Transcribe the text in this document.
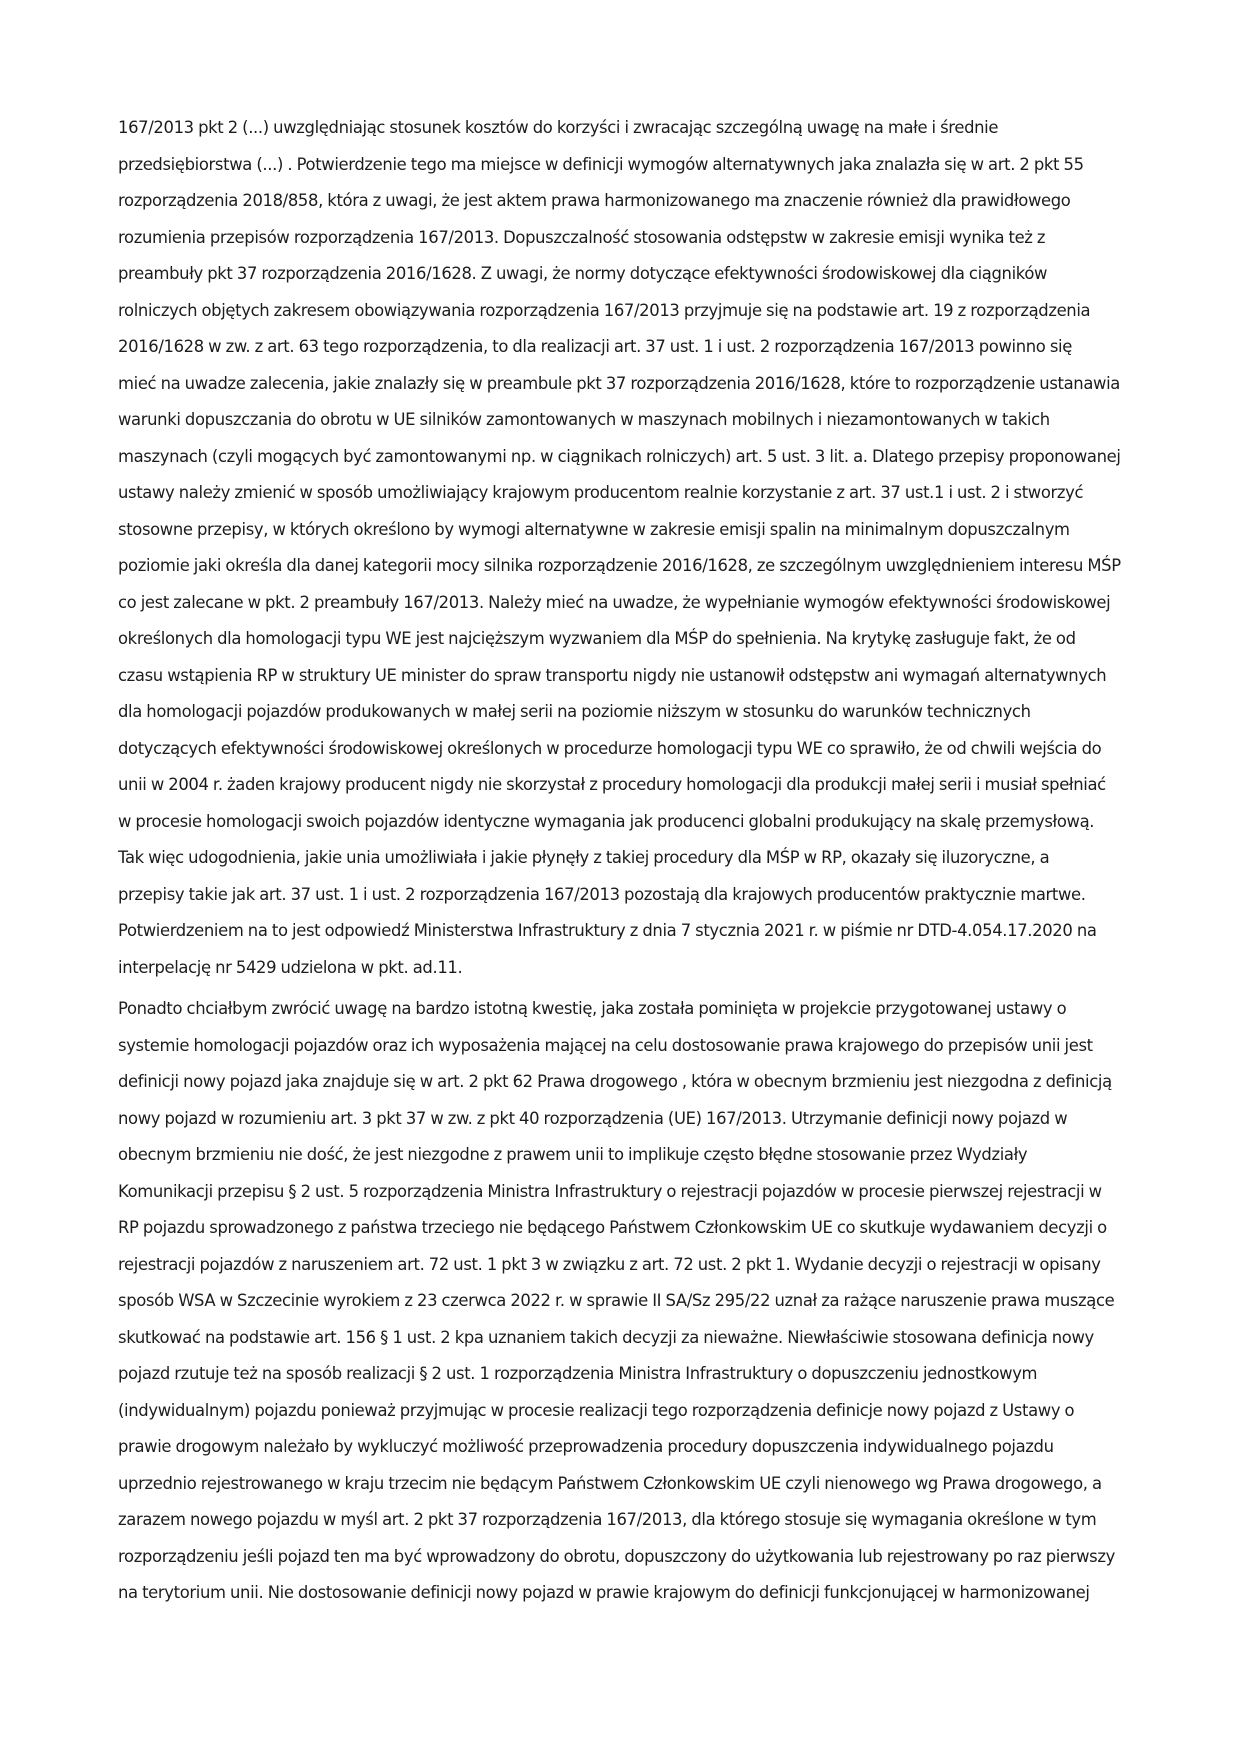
167/2013 pkt 2 (...) uwzględniając stosunek kosztów do korzyści i zwracając szczególną uwagę na małe i średnie
przedsiębiorstwa (...) . Potwierdzenie tego ma miejsce w definicji wymogów alternatywnych jaka znalazła się w art. 2 pkt 55
rozporządzenia 2018/858, która z uwagi, że jest aktem prawa harmonizowanego ma znaczenie również dla prawidłowego
rozumienia przepisów rozporządzenia 167/2013. Dopuszczalność stosowania odstępstw w zakresie emisji wynika też z
preambuły pkt 37 rozporządzenia 2016/1628. Z uwagi, że normy dotyczące efektywności środowiskowej dla ciągników
rolniczych objętych zakresem obowiązywania rozporządzenia 167/2013 przyjmuje się na podstawie art. 19 z rozporządzenia
2016/1628 w zw. z art. 63 tego rozporządzenia, to dla realizacji art. 37 ust. 1 i ust. 2 rozporządzenia 167/2013 powinno się
mieć na uwadze zalecenia, jakie znalazły się w preambule pkt 37 rozporządzenia 2016/1628, które to rozporządzenie ustanawia
warunki dopuszczania do obrotu w UE silników zamontowanych w maszynach mobilnych i niezamontowanych w takich
maszynach (czyli mogących być zamontowanymi np. w ciągnikach rolniczych) art. 5 ust. 3 lit. a. Dlatego przepisy proponowanej
ustawy należy zmienić w sposób umożliwiający krajowym producentom realnie korzystanie z art. 37 ust.1 i ust. 2 i stworzyć
stosowne przepisy, w których określono by wymogi alternatywne w zakresie emisji spalin na minimalnym dopuszczalnym
poziomie jaki określa dla danej kategorii mocy silnika rozporządzenie 2016/1628, ze szczególnym uwzględnieniem interesu MŚP
co jest zalecane w pkt. 2 preambuły 167/2013. Należy mieć na uwadze, że wypełnianie wymogów efektywności środowiskowej
określonych dla homologacji typu WE jest najcięższym wyzwaniem dla MŚP do spełnienia. Na krytykę zasługuje fakt, że od
czasu wstąpienia RP w struktury UE minister do spraw transportu nigdy nie ustanowił odstępstw ani wymagań alternatywnych
dla homologacji pojazdów produkowanych w małej serii na poziomie niższym w stosunku do warunków technicznych
dotyczących efektywności środowiskowej określonych w procedurze homologacji typu WE co sprawiło, że od chwili wejścia do
unii w 2004 r. żaden krajowy producent nigdy nie skorzystał z procedury homologacji dla produkcji małej serii i musiał spełniać
w procesie homologacji swoich pojazdów identyczne wymagania jak producenci globalni produkujący na skalę przemysłową.
Tak więc udogodnienia, jakie unia umożliwiała i jakie płynęły z takiej procedury dla MŚP w RP, okazały się iluzoryczne, a
przepisy takie jak art. 37 ust. 1 i ust. 2 rozporządzenia 167/2013 pozostają dla krajowych producentów praktycznie martwe.
Potwierdzeniem na to jest odpowiedź Ministerstwa Infrastruktury z dnia 7 stycznia 2021 r. w piśmie nr DTD-4.054.17.2020 na
interpelację nr 5429 udzielona w pkt. ad.11.
Ponadto chciałbym zwrócić uwagę na bardzo istotną kwestię, jaka została pominięta w projekcie przygotowanej ustawy o
systemie homologacji pojazdów oraz ich wyposażenia mającej na celu dostosowanie prawa krajowego do przepisów unii jest
definicji nowy pojazd jaka znajduje się w art. 2 pkt 62 Prawa drogowego , która w obecnym brzmieniu jest niezgodna z definicją
nowy pojazd w rozumieniu art. 3 pkt 37 w zw. z pkt 40 rozporządzenia (UE) 167/2013. Utrzymanie definicji nowy pojazd w
obecnym brzmieniu nie dość, że jest niezgodne z prawem unii to implikuje często błędne stosowanie przez Wydziały
Komunikacji przepisu § 2 ust. 5 rozporządzenia Ministra Infrastruktury o rejestracji pojazdów w procesie pierwszej rejestracji w
RP pojazdu sprowadzonego z państwa trzeciego nie będącego Państwem Członkowskim UE co skutkuje wydawaniem decyzji o
rejestracji pojazdów z naruszeniem art. 72 ust. 1 pkt 3 w związku z art. 72 ust. 2 pkt 1. Wydanie decyzji o rejestracji w opisany
sposób WSA w Szczecinie wyrokiem z 23 czerwca 2022 r. w sprawie II SA/Sz 295/22 uznał za rażące naruszenie prawa muszące
skutkować na podstawie art. 156 § 1 ust. 2 kpa uznaniem takich decyzji za nieważne. Niewłaściwie stosowana definicja nowy
pojazd rzutuje też na sposób realizacji § 2 ust. 1 rozporządzenia Ministra Infrastruktury o dopuszczeniu jednostkowym
(indywidualnym) pojazdu ponieważ przyjmując w procesie realizacji tego rozporządzenia definicje nowy pojazd z Ustawy o
prawie drogowym należało by wykluczyć możliwość przeprowadzenia procedury dopuszczenia indywidualnego pojazdu
uprzednio rejestrowanego w kraju trzecim nie będącym Państwem Członkowskim UE czyli nienowego wg Prawa drogowego, a
zarazem nowego pojazdu w myśl art. 2 pkt 37 rozporządzenia 167/2013, dla którego stosuje się wymagania określone w tym
rozporządzeniu jeśli pojazd ten ma być wprowadzony do obrotu, dopuszczony do użytkowania lub rejestrowany po raz pierwszy
na terytorium unii. Nie dostosowanie definicji nowy pojazd w prawie krajowym do definicji funkcjonującej w harmonizowanej
